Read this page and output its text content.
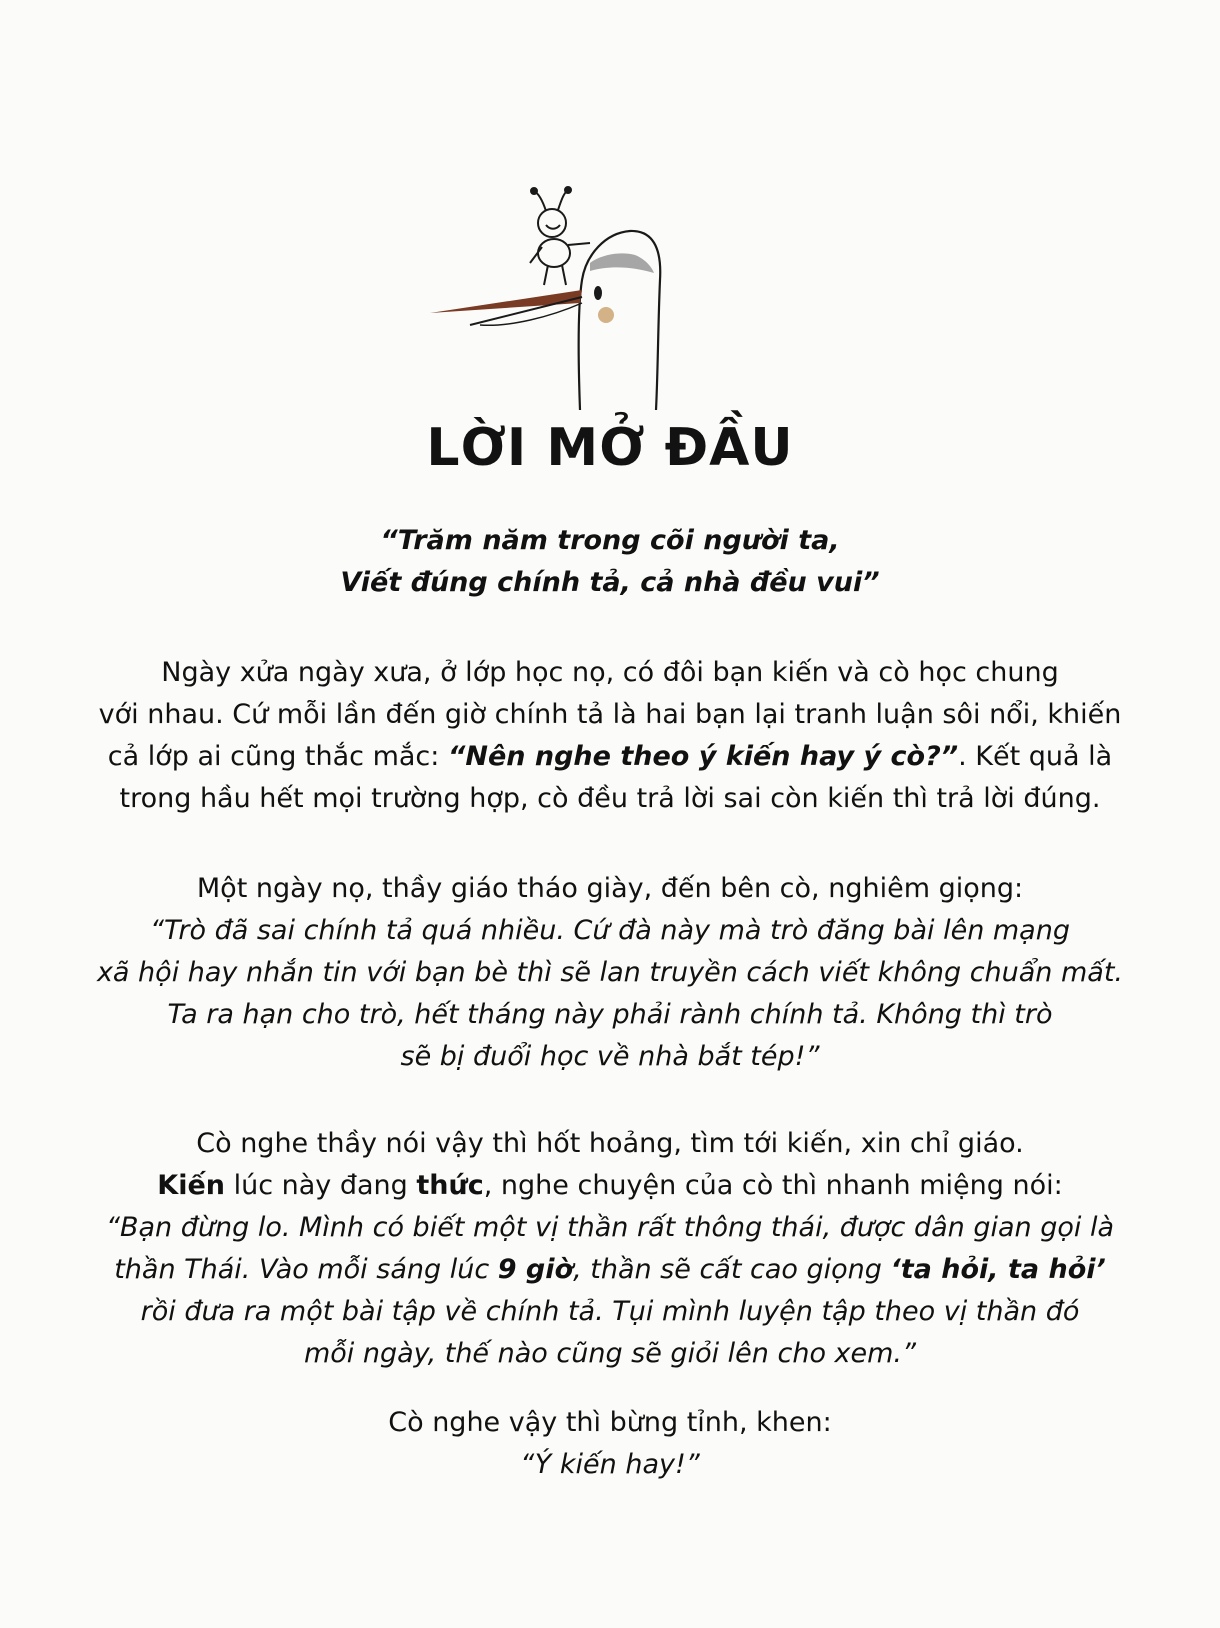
LỜI MỞ ĐẦU
“Trăm năm trong cõi người ta,
Viết đúng chính tả, cả nhà đều vui”
Ngày xửa ngày xưa, ở lớp học nọ, có đôi bạn kiến và cò học chung
với nhau. Cứ mỗi lần đến giờ chính tả là hai bạn lại tranh luận sôi nổi, khiến
cả lớp ai cũng thắc mắc: “Nên nghe theo ý kiến hay ý cò?”. Kết quả là
trong hầu hết mọi trường hợp, cò đều trả lời sai còn kiến thì trả lời đúng.
Một ngày nọ, thầy giáo tháo giày, đến bên cò, nghiêm giọng:
“Trò đã sai chính tả quá nhiều. Cứ đà này mà trò đăng bài lên mạng
xã hội hay nhắn tin với bạn bè thì sẽ lan truyền cách viết không chuẩn mất.
Ta ra hạn cho trò, hết tháng này phải rành chính tả. Không thì trò
sẽ bị đuổi học về nhà bắt tép!”
Cò nghe thầy nói vậy thì hốt hoảng, tìm tới kiến, xin chỉ giáo.
Kiến lúc này đang thức, nghe chuyện của cò thì nhanh miệng nói:
“Bạn đừng lo. Mình có biết một vị thần rất thông thái, được dân gian gọi là
thần Thái. Vào mỗi sáng lúc 9 giờ, thần sẽ cất cao giọng ‘ta hỏi, ta hỏi’
rồi đưa ra một bài tập về chính tả. Tụi mình luyện tập theo vị thần đó
mỗi ngày, thế nào cũng sẽ giỏi lên cho xem.”
Cò nghe vậy thì bừng tỉnh, khen:
“Ý kiến hay!”
